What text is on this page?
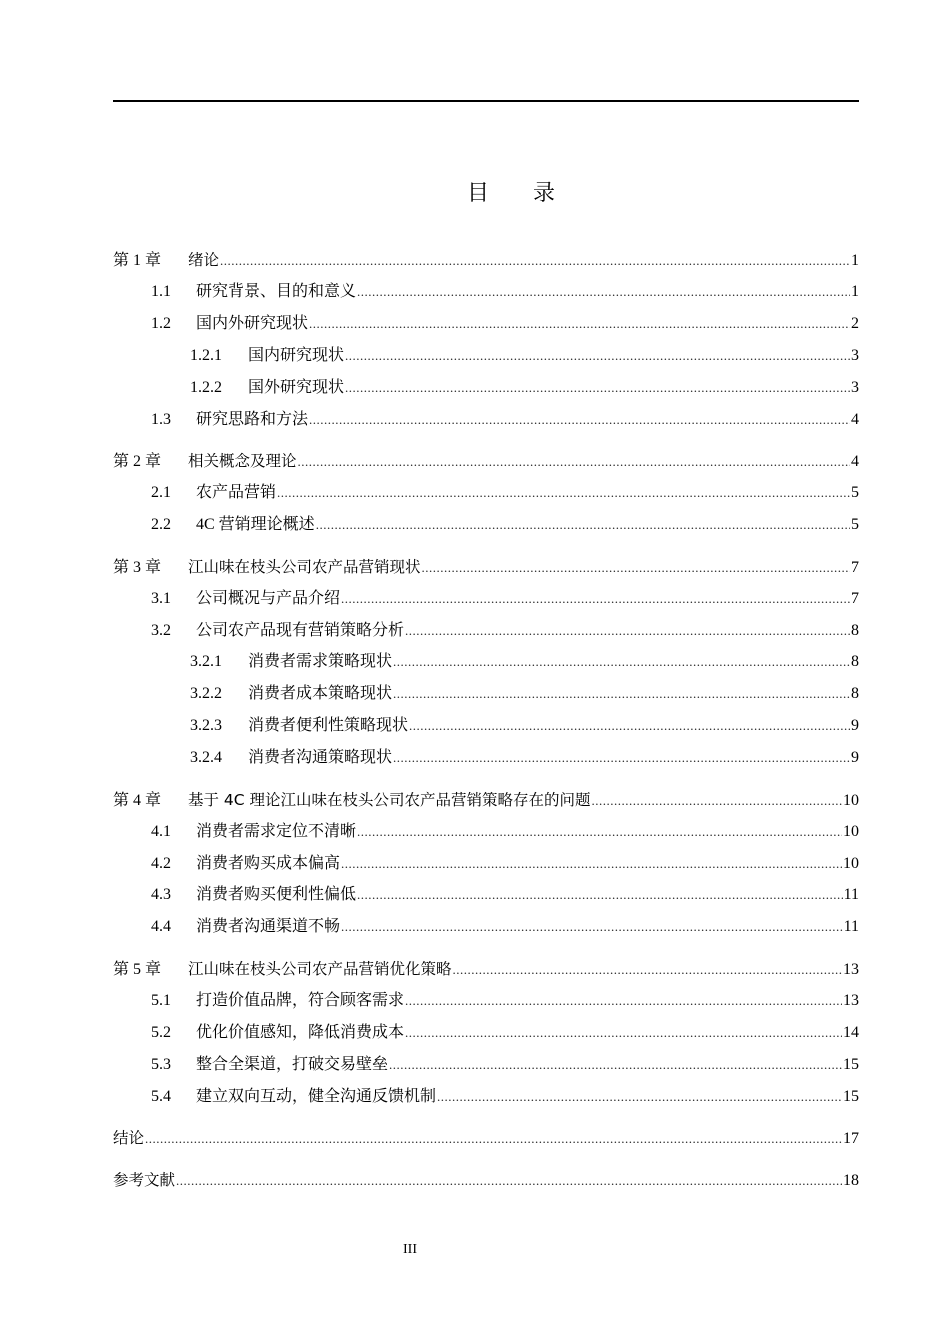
目 录
第 1 章	绪论 .....	1
1.1	研究背景、目的和意义 .....	1
1.2	国内外研究现状 .....	2
1.2.1	国内研究现状 .....	3
1.2.2	国外研究现状 .....	3
1.3	研究思路和方法 .....	4
第 2 章	相关概念及理论 .....	4
2.1	农产品营销 .....	5
2.2	4C 营销理论概述 .....	5
第 3 章	江山味在枝头公司农产品营销现状 .....	7
3.1	公司概况与产品介绍 .....	7
3.2	公司农产品现有营销策略分析 .....	8
3.2.1	消费者需求策略现状 .....	8
3.2.2	消费者成本策略现状 .....	8
3.2.3	消费者便利性策略现状 .....	9
3.2.4	消费者沟通策略现状 .....	9
第 4 章	基于 4C 理论江山味在枝头公司农产品营销策略存在的问题 .....	10
4.1	消费者需求定位不清晰 .....	10
4.2	消费者购买成本偏高 .....	10
4.3	消费者购买便利性偏低 .....	11
4.4	消费者沟通渠道不畅 .....	11
第 5 章	江山味在枝头公司农产品营销优化策略 .....	13
5.1	打造价值品牌，符合顾客需求 .....	13
5.2	优化价值感知，降低消费成本 .....	14
5.3	整合全渠道，打破交易壁垒 .....	15
5.4	建立双向互动，健全沟通反馈机制 .....	15
结论 .....	17
参考文献 .....	18
III
